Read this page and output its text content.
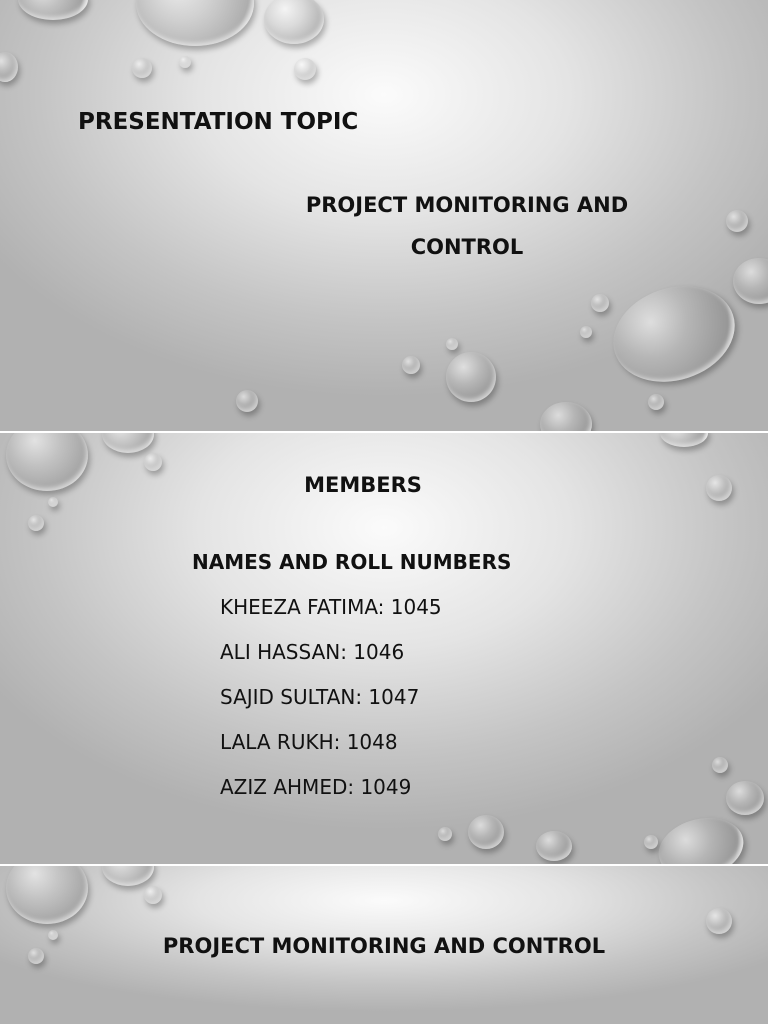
PRESENTATION TOPIC
PROJECT MONITORING AND
CONTROL
MEMBERS
NAMES AND ROLL NUMBERS
KHEEZA FATIMA: 1045
ALI HASSAN: 1046
SAJID SULTAN: 1047
LALA RUKH: 1048
AZIZ AHMED: 1049
PROJECT MONITORING AND CONTROL
